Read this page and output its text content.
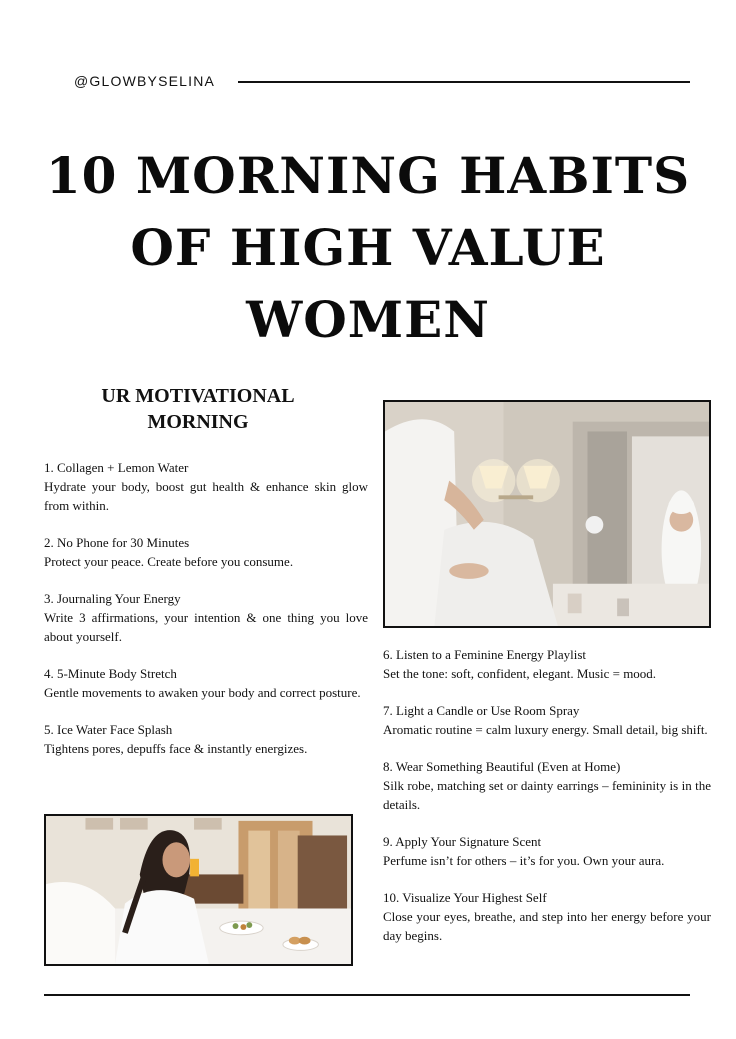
@GLOWBYSELINA
10 MORNING HABITS
OF HIGH VALUE
WOMEN
UR MOTIVATIONAL
MORNING
1. Collagen + Lemon Water
Hydrate your body, boost gut health & enhance skin glow from within.
2. No Phone for 30 Minutes
Protect your peace. Create before you consume.
3. Journaling Your Energy
Write 3 affirmations, your intention & one thing you love about yourself.
4. 5-Minute Body Stretch
Gentle movements to awaken your body and correct posture.
5. Ice Water Face Splash
Tightens pores, depuffs face & instantly energizes.
6. Listen to a Feminine Energy Playlist
Set the tone: soft, confident, elegant. Music = mood.
7. Light a Candle or Use Room Spray
Aromatic routine = calm luxury energy. Small detail, big shift.
8. Wear Something Beautiful (Even at Home)
Silk robe, matching set or dainty earrings – femininity is in the details.
9. Apply Your Signature Scent
Perfume isn’t for others – it’s for you. Own your aura.
10. Visualize Your Highest Self
Close your eyes, breathe, and step into her energy before your day begins.
